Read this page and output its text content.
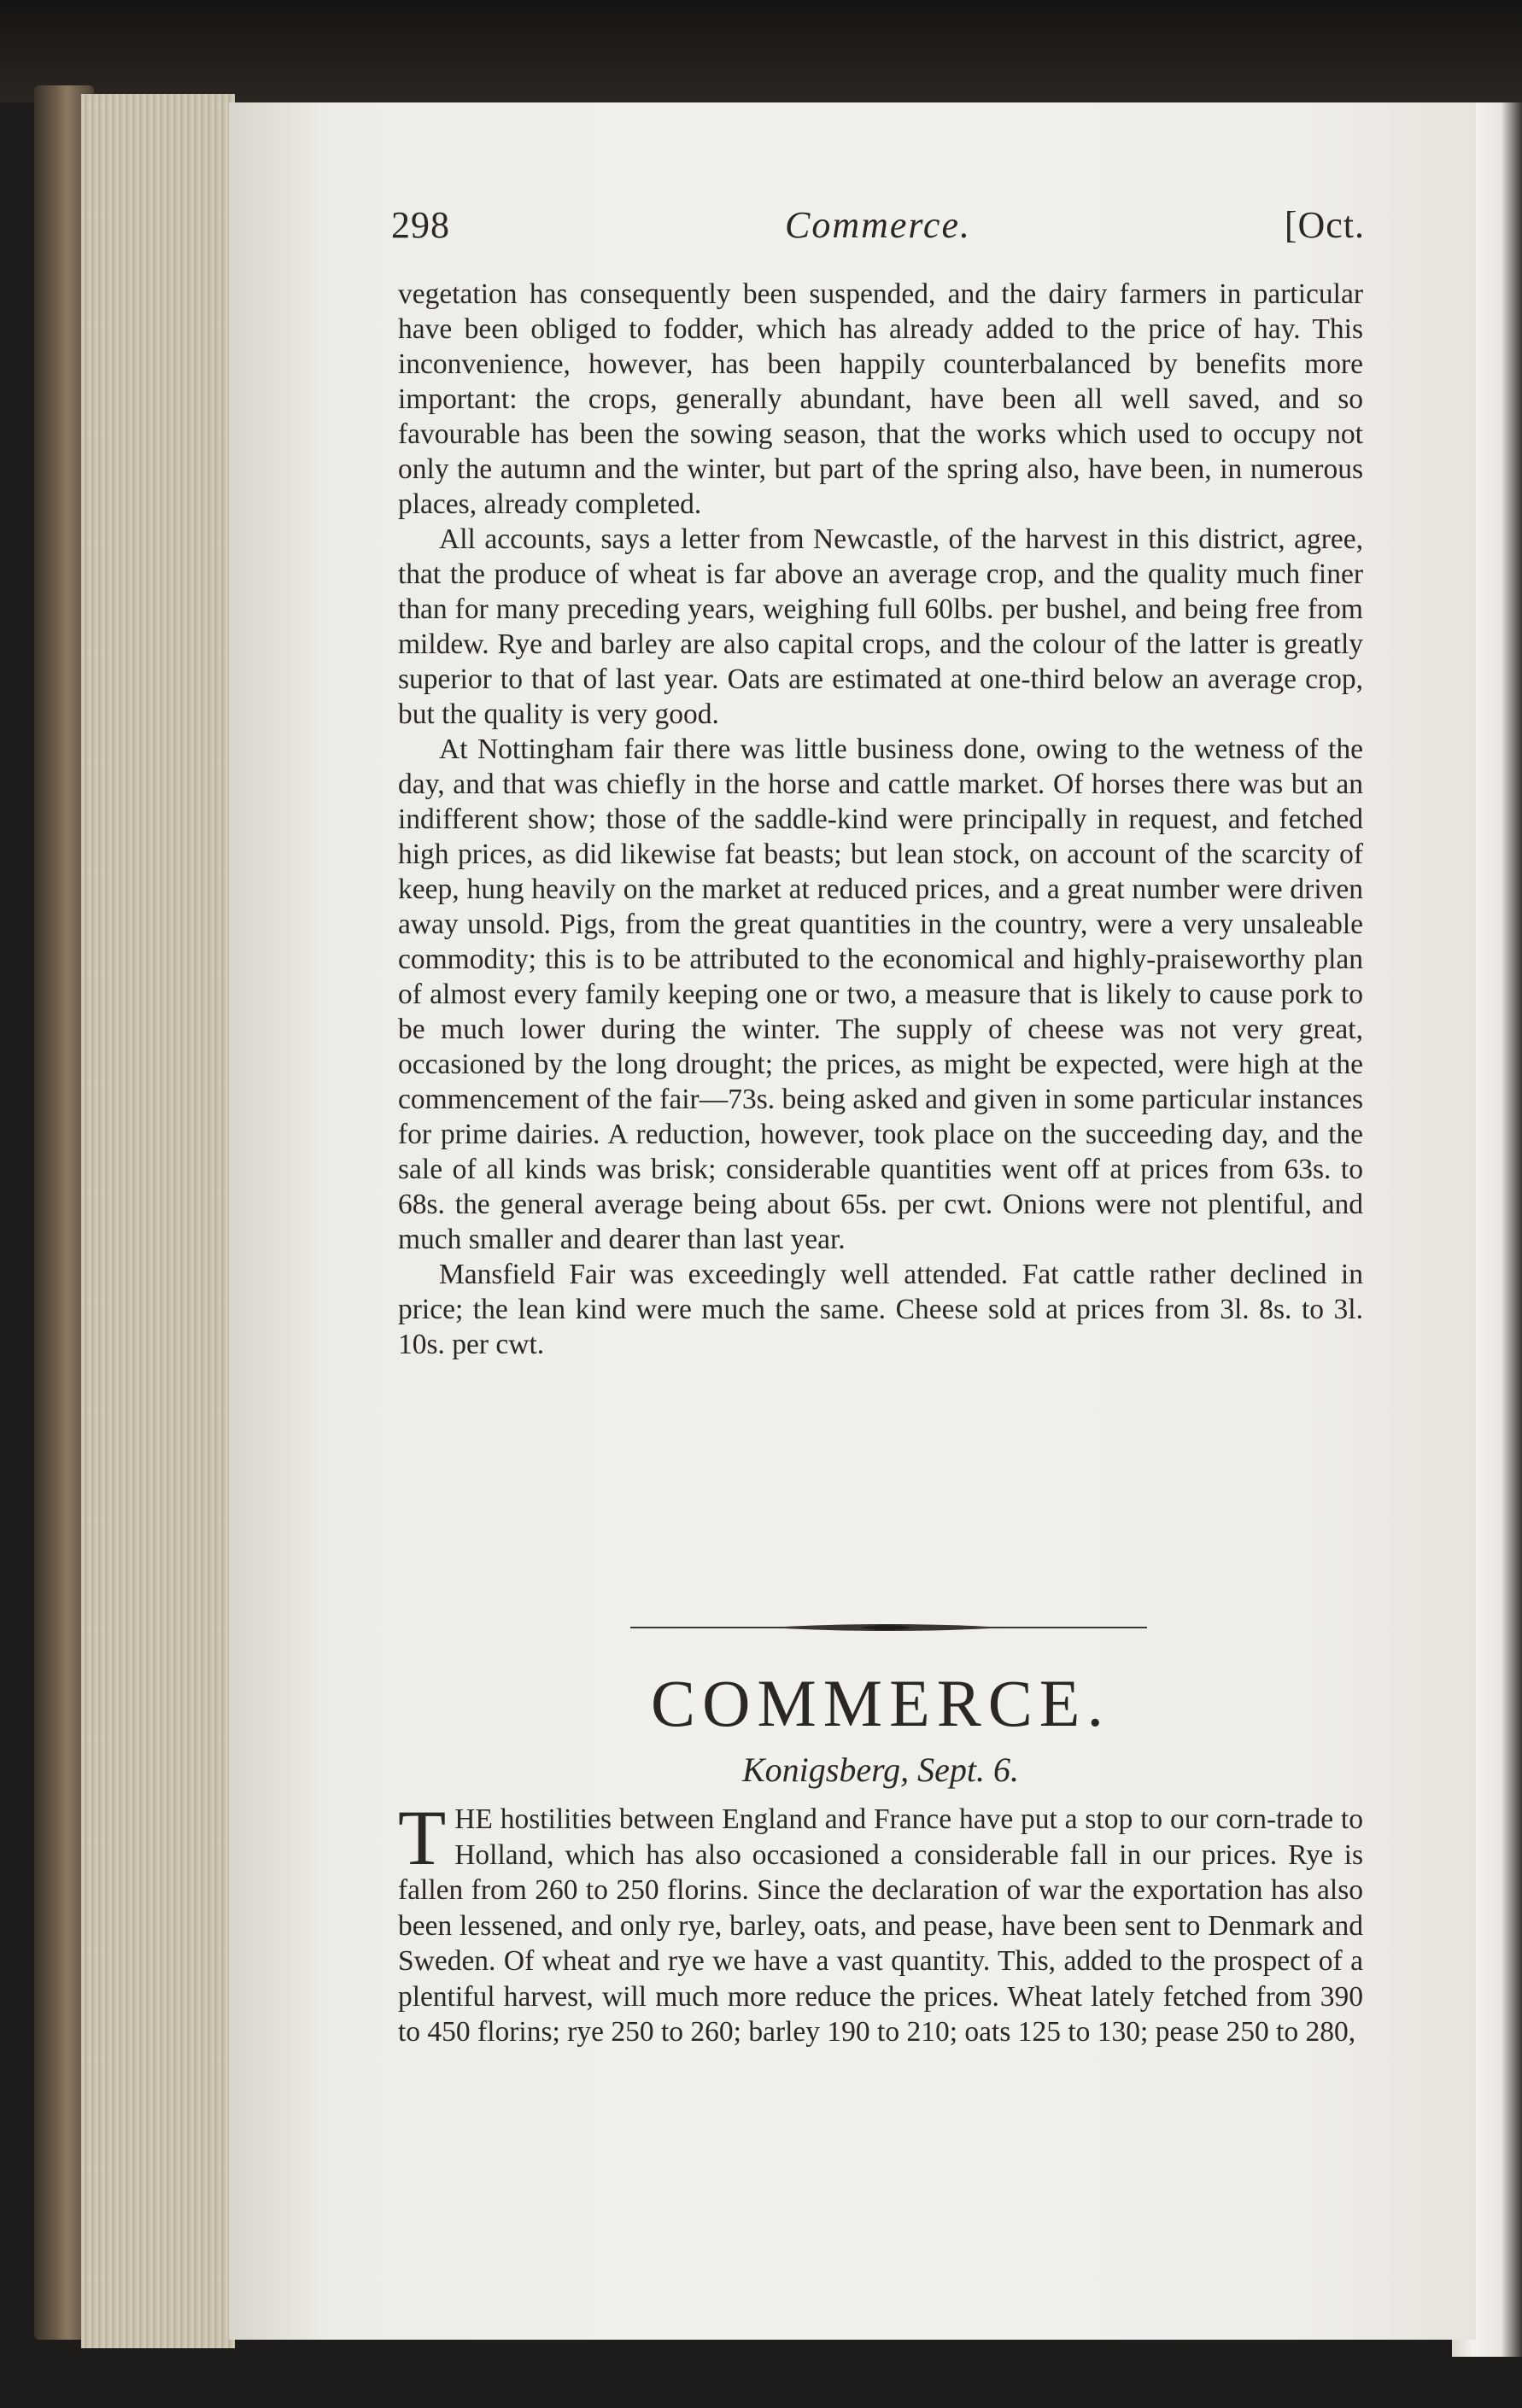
298	Commerce.	[Oct.

vegetation has consequently been suspended, and the dairy farmers in particular have been obliged to fodder, which has already added to the price of hay. This inconvenience, however, has been happily counterbalanced by benefits more important: the crops, generally abundant, have been all well saved, and so favourable has been the sowing season, that the works which used to occupy not only the autumn and the winter, but part of the spring also, have been, in numerous places, already completed.

All accounts, says a letter from Newcastle, of the harvest in this district, agree, that the produce of wheat is far above an average crop, and the quality much finer than for many preceding years, weighing full 60lbs. per bushel, and being free from mildew. Rye and barley are also capital crops, and the colour of the latter is greatly superior to that of last year. Oats are estimated at one-third below an average crop, but the quality is very good.

At Nottingham fair there was little business done, owing to the wetness of the day, and that was chiefly in the horse and cattle market. Of horses there was but an indifferent show; those of the saddle-kind were principally in request, and fetched high prices, as did likewise fat beasts; but lean stock, on account of the scarcity of keep, hung heavily on the market at reduced prices, and a great number were driven away unsold. Pigs, from the great quantities in the country, were a very unsaleable commodity; this is to be attributed to the economical and highly-praiseworthy plan of almost every family keeping one or two, a measure that is likely to cause pork to be much lower during the winter. The supply of cheese was not very great, occasioned by the long drought; the prices, as might be expected, were high at the commencement of the fair—73s. being asked and given in some particular instances for prime dairies. A reduction, however, took place on the succeeding day, and the sale of all kinds was brisk; considerable quantities went off at prices from 63s. to 68s. the general average being about 65s. per cwt. Onions were not plentiful, and much smaller and dearer than last year.

Mansfield Fair was exceedingly well attended. Fat cattle rather declined in price; the lean kind were much the same. Cheese sold at prices from 3l. 8s. to 3l. 10s. per cwt.

COMMERCE.
Konigsberg, Sept. 6.

THE hostilities between England and France have put a stop to our corn-trade to Holland, which has also occasioned a considerable fall in our prices. Rye is fallen from 260 to 250 florins. Since the declaration of war the exportation has also been lessened, and only rye, barley, oats, and pease, have been sent to Denmark and Sweden. Of wheat and rye we have a vast quantity. This, added to the prospect of a plentiful harvest, will much more reduce the prices. Wheat lately fetched from 390 to 450 florins; rye 250 to 260; barley 190 to 210; oats 125 to 130; pease 250 to 280,
